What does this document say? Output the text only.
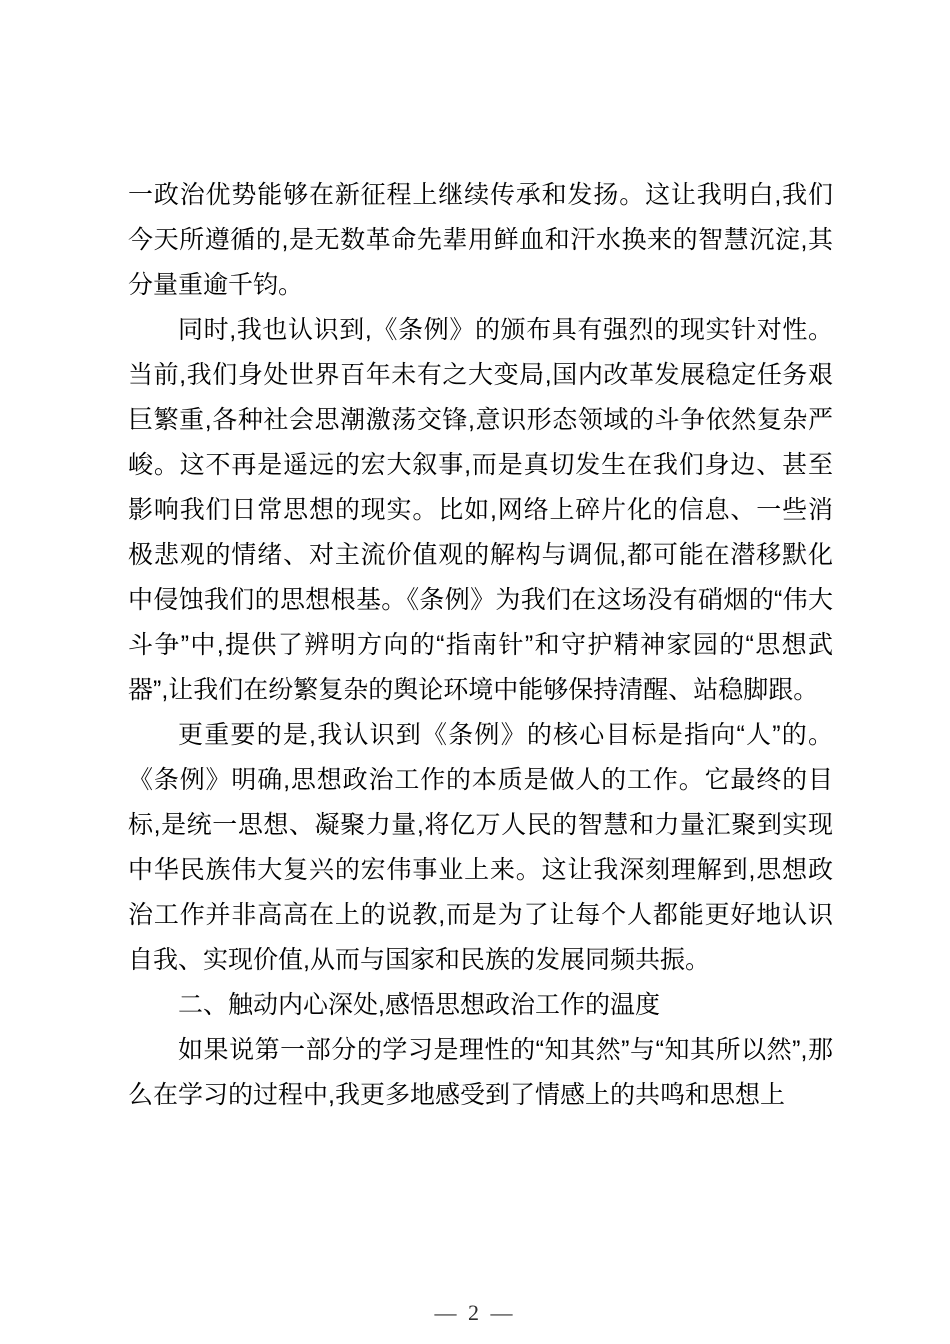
一政治优势能够在新征程上继续传承和发扬。这让我明白,我们今天所遵循的,是无数革命先辈用鲜血和汗水换来的智慧沉淀,其分量重逾千钧。

同时,我也认识到,《条例》的颁布具有强烈的现实针对性。当前,我们身处世界百年未有之大变局,国内改革发展稳定任务艰巨繁重,各种社会思潮激荡交锋,意识形态领域的斗争依然复杂严峻。这不再是遥远的宏大叙事,而是真切发生在我们身边、甚至影响我们日常思想的现实。比如,网络上碎片化的信息、一些消极悲观的情绪、对主流价值观的解构与调侃,都可能在潜移默化中侵蚀我们的思想根基。《条例》为我们在这场没有硝烟的“伟大斗争”中,提供了辨明方向的“指南针”和守护精神家园的“思想武器”,让我们在纷繁复杂的舆论环境中能够保持清醒、站稳脚跟。

更重要的是,我认识到《条例》的核心目标是指向“人”的。《条例》明确,思想政治工作的本质是做人的工作。它最终的目标,是统一思想、凝聚力量,将亿万人民的智慧和力量汇聚到实现中华民族伟大复兴的宏伟事业上来。这让我深刻理解到,思想政治工作并非高高在上的说教,而是为了让每个人都能更好地认识自我、实现价值,从而与国家和民族的发展同频共振。

二、触动内心深处,感悟思想政治工作的温度

如果说第一部分的学习是理性的“知其然”与“知其所以然”,那么在学习的过程中,我更多地感受到了情感上的共鸣和思想上

— 2 —
